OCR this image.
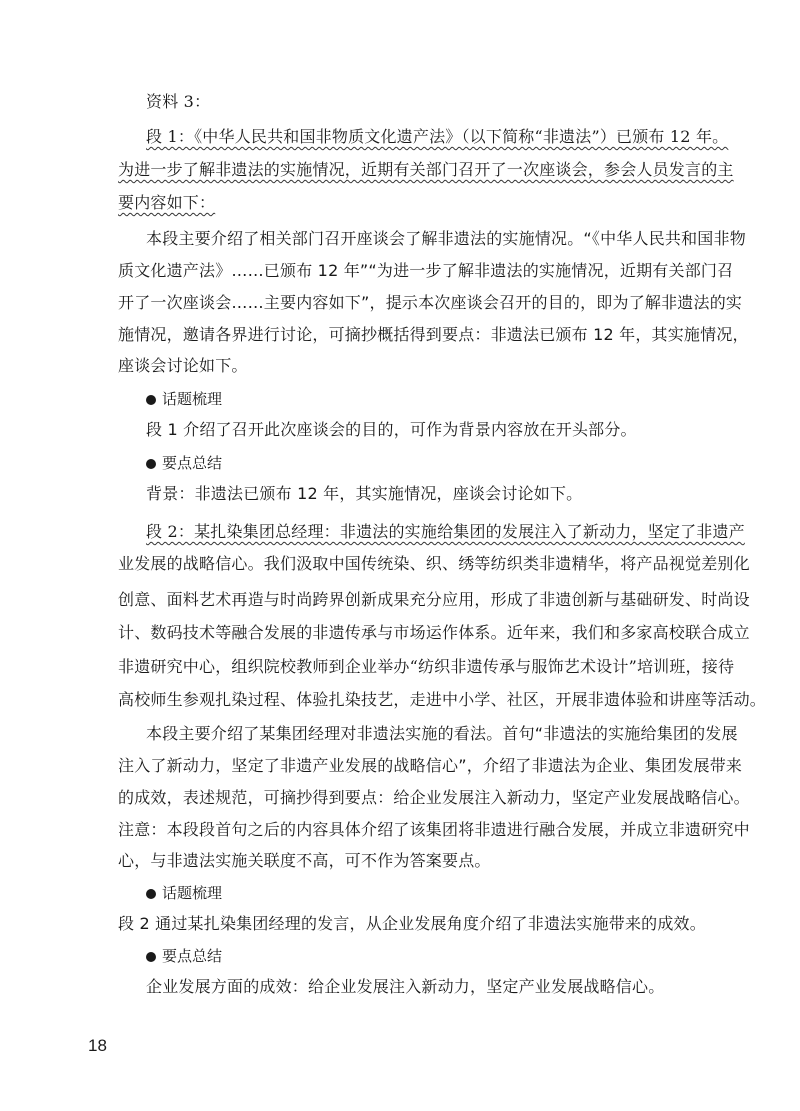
资料 3：
段 1：《中华人民共和国非物质文化遗产法》（以下简称“非遗法”）已颁布 12 年。
为进一步了解非遗法的实施情况，近期有关部门召开了一次座谈会，参会人员发言的主
要内容如下：
本段主要介绍了相关部门召开座谈会了解非遗法的实施情况。“《中华人民共和国非物
质文化遗产法》……已颁布 12 年”“为进一步了解非遗法的实施情况，近期有关部门召
开了一次座谈会……主要内容如下”，提示本次座谈会召开的目的，即为了解非遗法的实
施情况，邀请各界进行讨论，可摘抄概括得到要点：非遗法已颁布 12 年，其实施情况，
座谈会讨论如下。
话题梳理
段 1 介绍了召开此次座谈会的目的，可作为背景内容放在开头部分。
要点总结
背景：非遗法已颁布 12 年，其实施情况，座谈会讨论如下。
段 2：某扎染集团总经理：非遗法的实施给集团的发展注入了新动力，坚定了非遗产
业发展的战略信心。我们汲取中国传统染、织、绣等纺织类非遗精华，将产品视觉差别化
创意、面料艺术再造与时尚跨界创新成果充分应用，形成了非遗创新与基础研发、时尚设
计、数码技术等融合发展的非遗传承与市场运作体系。近年来，我们和多家高校联合成立
非遗研究中心，组织院校教师到企业举办“纺织非遗传承与服饰艺术设计”培训班，接待
高校师生参观扎染过程、体验扎染技艺，走进中小学、社区，开展非遗体验和讲座等活动。
本段主要介绍了某集团经理对非遗法实施的看法。首句“非遗法的实施给集团的发展
注入了新动力，坚定了非遗产业发展的战略信心”，介绍了非遗法为企业、集团发展带来
的成效，表述规范，可摘抄得到要点：给企业发展注入新动力，坚定产业发展战略信心。
注意：本段段首句之后的内容具体介绍了该集团将非遗进行融合发展，并成立非遗研究中
心，与非遗法实施关联度不高，可不作为答案要点。
话题梳理
段 2 通过某扎染集团经理的发言，从企业发展角度介绍了非遗法实施带来的成效。
要点总结
企业发展方面的成效：给企业发展注入新动力，坚定产业发展战略信心。
18
